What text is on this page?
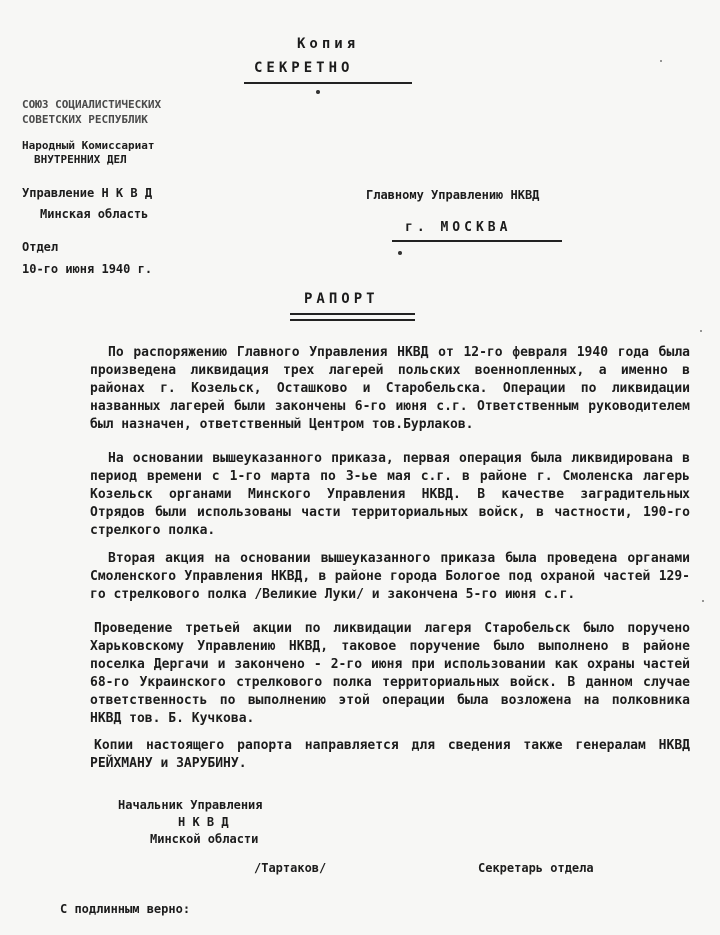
Копия
СЕКРЕТНО
СОЮЗ СОЦИАЛИСТИЧЕСКИХ
СОВЕТСКИХ РЕСПУБЛИК
Народный Комиссариат
ВНУТРЕННИХ ДЕЛ
Управление Н К В Д
Минская область
Отдел
10-го июня 1940 г.
Главному Управлению НКВД
г. МОСКВА
РАПОРТ
По распоряжению Главного Управления НКВД от 12-го февраля 1940 года была произведена ликвидация трех лагерей польских военнопленных, а именно в районах г. Козельск, Осташково и Старобельска. Операции по ликвидации названных лагерей были закончены 6-го июня с.г. Ответственным руководителем был назначен, ответственный Центром тов.Бурлаков.
На основании вышеуказанного приказа, первая операция была ликвидирована в период времени с 1-го марта по 3-ье мая с.г. в районе г. Смоленска лагерь Козельск органами Минского Управления НКВД. В качестве заградительных Отрядов были использованы части территориальных войск, в частности, 190-го стрелкого полка.
Вторая акция на основании вышеуказанного приказа была проведена органами Смоленского Управления НКВД, в районе города Бологое под охраной частей 129-го стрелкового полка /Великие Луки/ и закончена 5-го июня с.г.
Проведение третьей акции по ликвидации лагеря Старобельск было поручено Харьковскому Управлению НКВД, таковое поручение было выполнено в районе поселка Дергачи и закончено - 2-го июня при использовании как охраны частей 68-го Украинского стрелкового полка территориальных войск. В данном случае ответственность по выполнению этой операции была возложена на полковника НКВД тов. Б. Кучкова.
Копии настоящего рапорта направляется для сведения также генералам НКВД РЕЙХМАНУ и ЗАРУБИНУ.
Начальник Управления
Н К В Д
Минской области
/Тартаков/	Секретарь отдела
С подлинным верно:
